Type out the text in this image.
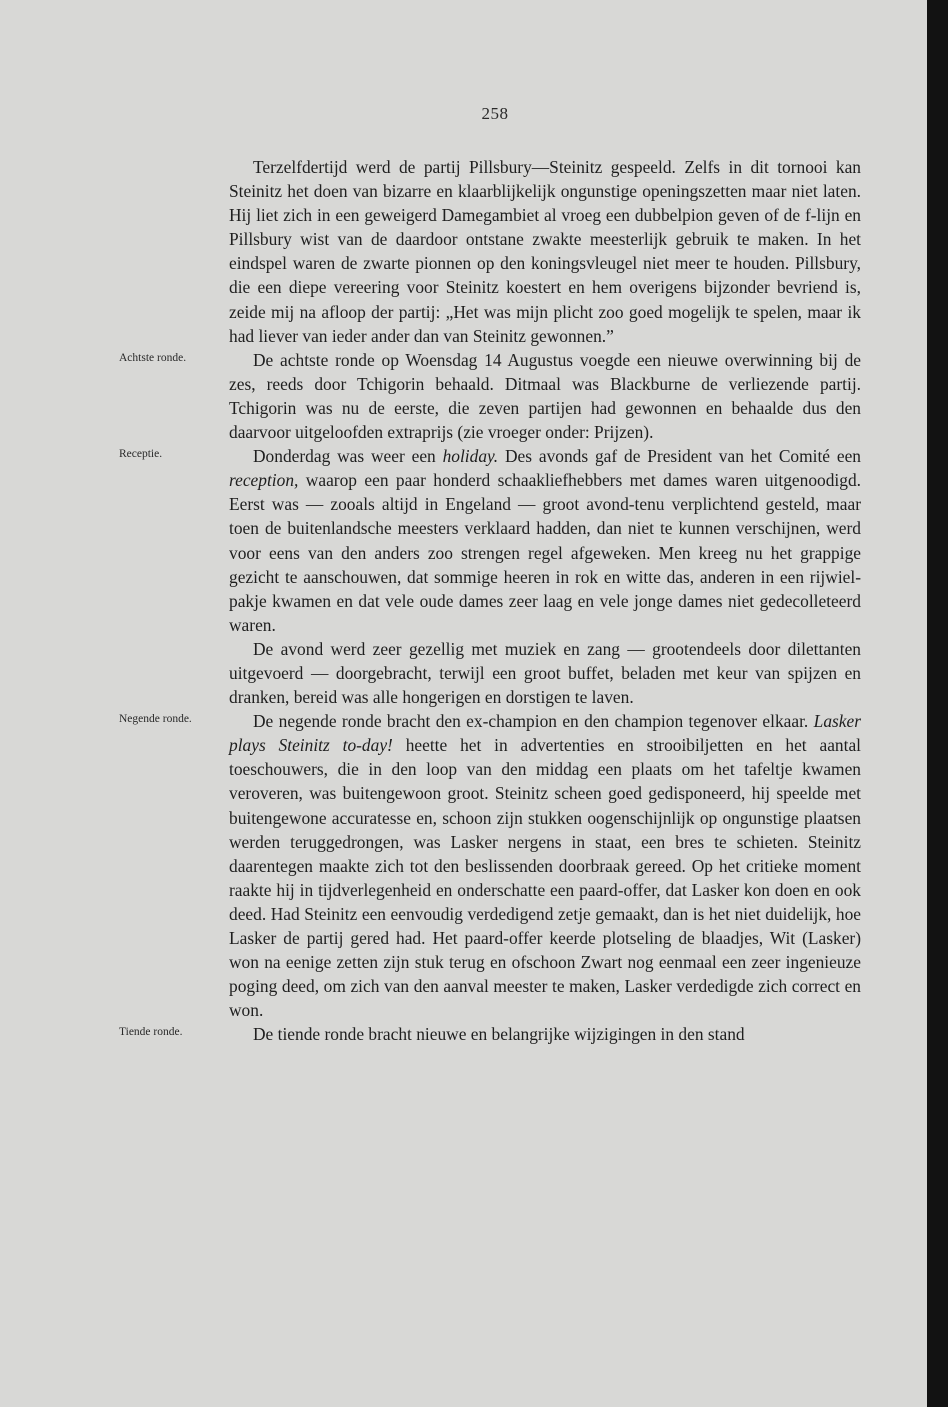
258

Terzelfdertijd werd de partij Pillsbury—Steinitz gespeeld. Zelfs in dit tornooi kan Steinitz het doen van bizarre en klaarblijkelijk ongunstige openingszetten maar niet laten. Hij liet zich in een geweigerd Damegambiet al vroeg een dubbelpion geven of de f-lijn en Pillsbury wist van de daardoor ontstane zwakte meesterlijk gebruik te maken. In het eindspel waren de zwarte pionnen op den koningsvleugel niet meer te houden. Pillsbury, die een diepe vereering voor Steinitz koestert en hem overigens bijzonder bevriend is, zeide mij na afloop der partij: „Het was mijn plicht zoo goed mogelijk te spelen, maar ik had liever van ieder ander dan van Steinitz gewonnen.”

Achtste ronde.	De achtste ronde op Woensdag 14 Augustus voegde een nieuwe overwinning bij de zes, reeds door Tchigorin behaald. Ditmaal was Blackburne de verliezende partij. Tchigorin was nu de eerste, die zeven partijen had gewonnen en behaalde dus den daarvoor uitgeloofden extraprijs (zie vroeger onder: Prijzen).

Receptie.	Donderdag was weer een holiday. Des avonds gaf de President van het Comité een reception, waarop een paar honderd schaakliefhebbers met dames waren uitgenoodigd. Eerst was — zooals altijd in Engeland — groot avond-tenu verplichtend gesteld, maar toen de buitenlandsche meesters verklaard hadden, dan niet te kunnen verschijnen, werd voor eens van den anders zoo strengen regel afgeweken. Men kreeg nu het grappige gezicht te aanschouwen, dat sommige heeren in rok en witte das, anderen in een rijwiel-pakje kwamen en dat vele oude dames zeer laag en vele jonge dames niet gedecolleteerd waren.

De avond werd zeer gezellig met muziek en zang — grootendeels door dilettanten uitgevoerd — doorgebracht, terwijl een groot buffet, beladen met keur van spijzen en dranken, bereid was alle hongerigen en dorstigen te laven.

Negende ronde.	De negende ronde bracht den ex-champion en den champion tegenover elkaar. Lasker plays Steinitz to-day! heette het in advertenties en strooibiljetten en het aantal toeschouwers, die in den loop van den middag een plaats om het tafeltje kwamen veroveren, was buitengewoon groot. Steinitz scheen goed gedisponeerd, hij speelde met buitengewone accuratesse en, schoon zijn stukken oogenschijnlijk op ongunstige plaatsen werden teruggedrongen, was Lasker nergens in staat, een bres te schieten. Steinitz daarentegen maakte zich tot den beslissenden doorbraak gereed. Op het critieke moment raakte hij in tijdverlegenheid en onderschatte een paard-offer, dat Lasker kon doen en ook deed. Had Steinitz een eenvoudig verdedigend zetje gemaakt, dan is het niet duidelijk, hoe Lasker de partij gered had. Het paard-offer keerde plotseling de blaadjes, Wit (Lasker) won na eenige zetten zijn stuk terug en ofschoon Zwart nog eenmaal een zeer ingenieuze poging deed, om zich van den aanval meester te maken, Lasker verdedigde zich correct en won.

Tiende ronde.	De tiende ronde bracht nieuwe en belangrijke wijzigingen in den stand
